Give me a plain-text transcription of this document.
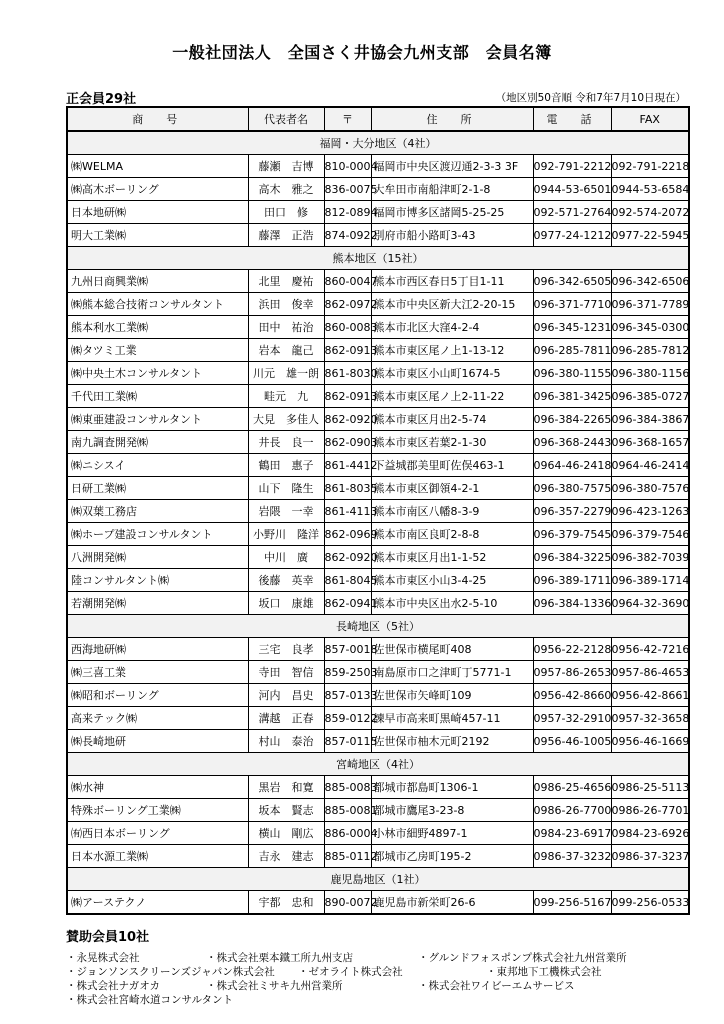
一般社団法人　全国さく井協会九州支部　会員名簿
正会員29社	（地区別50音順 令和7年7月10日現在）
商　号	代表者名	〒	住　所	電　話	FAX
福岡・大分地区（4社）					
㈱WELMA	藤瀬　吉博	810-0004	福岡市中央区渡辺通2-3-3 3F	092-791-2212	092-791-2218
㈱高木ボーリング	高木　雅之	836-0075	大牟田市南船津町2-1-8	0944-53-6501	0944-53-6584
日本地研㈱	田口　修	812-0894	福岡市博多区諸岡5-25-25	092-571-2764	092-574-2072
明大工業㈱	藤澤　正浩	874-0922	別府市船小路町3-43	0977-24-1212	0977-22-5945
熊本地区（15社）					
九州日商興業㈱	北里　慶祐	860-0047	熊本市西区春日5丁目1-11	096-342-6505	096-342-6506
㈱熊本総合技術コンサルタント	浜田　俊幸	862-0972	熊本市中央区新大江2-20-15	096-371-7710	096-371-7789
熊本利水工業㈱	田中　祐治	860-0083	熊本市北区大窪4-2-4	096-345-1231	096-345-0300
㈱タツミ工業	岩本　龍己	862-0913	熊本市東区尾ノ上1-13-12	096-285-7811	096-285-7812
㈱中央土木コンサルタント	川元　雄一朗	861-8030	熊本市東区小山町1674-5	096-380-1155	096-380-1156
千代田工業㈱	畦元　九	862-0913	熊本市東区尾ノ上2-11-22	096-381-3425	096-385-0727
㈱東亜建設コンサルタント	大見　多佳人	862-0920	熊本市東区月出2-5-74	096-384-2265	096-384-3867
南九調査開発㈱	井長　良一	862-0903	熊本市東区若葉2-1-30	096-368-2443	096-368-1657
㈱ニシスイ	鶴田　惠子	861-4412	下益城郡美里町佐俣463-1	0964-46-2418	0964-46-2414
日研工業㈱	山下　隆生	861-8035	熊本市東区御領4-2-1	096-380-7575	096-380-7576
㈱双葉工務店	岩隈　一幸	861-4113	熊本市南区八幡8-3-9	096-357-2279	096-423-1263
㈱ホープ建設コンサルタント	小野川　隆洋	862-0969	熊本市南区良町2-8-8	096-379-7545	096-379-7546
八洲開発㈱	中川　廣	862-0920	熊本市東区月出1-1-52	096-384-3225	096-382-7039
陸コンサルタント㈱	後藤　英幸	861-8045	熊本市東区小山3-4-25	096-389-1711	096-389-1714
若潮開発㈱	坂口　康雄	862-0941	熊本市中央区出水2-5-10	096-384-1336	0964-32-3690
長崎地区（5社）					
西海地研㈱	三宅　良孝	857-0018	佐世保市横尾町408	0956-22-2128	0956-42-7216
㈱三喜工業	寺田　智信	859-2503	南島原市口之津町丁5771-1	0957-86-2653	0957-86-4653
㈱昭和ボーリング	河内　昌史	857-0133	佐世保市矢峰町109	0956-42-8660	0956-42-8661
高来テック㈱	溝越　正春	859-0122	諫早市高来町黒崎457-11	0957-32-2910	0957-32-3658
㈱長崎地研	村山　泰治	857-0115	佐世保市柚木元町2192	0956-46-1005	0956-46-1669
宮崎地区（4社）					
㈱水神	黒岩　和寛	885-0083	都城市都島町1306-1	0986-25-4656	0986-25-5113
特殊ボーリング工業㈱	坂本　賢志	885-0081	都城市鷹尾3-23-8	0986-26-7700	0986-26-7701
㈲西日本ボーリング	横山　剛広	886-0004	小林市細野4897-1	0984-23-6917	0984-23-6926
日本水源工業㈱	吉永　建志	885-0112	都城市乙房町195-2	0986-37-3232	0986-37-3237
鹿児島地区（1社）					
㈱アーステクノ	宇都　忠和	890-0072	鹿児島市新栄町26-6	099-256-5167	099-256-0533
賛助会員10社
・永晃株式会社	・株式会社栗本鐵工所九州支店	・グルンドフォスポンプ株式会社九州営業所
・ジョンソンスクリーンズジャパン株式会社 ・ゼオライト株式会社	・東邦地下工機株式会社
・株式会社ナガオカ	・株式会社ミサキ九州営業所	・株式会社ワイビーエムサービス
・株式会社宮崎水道コンサルタント
